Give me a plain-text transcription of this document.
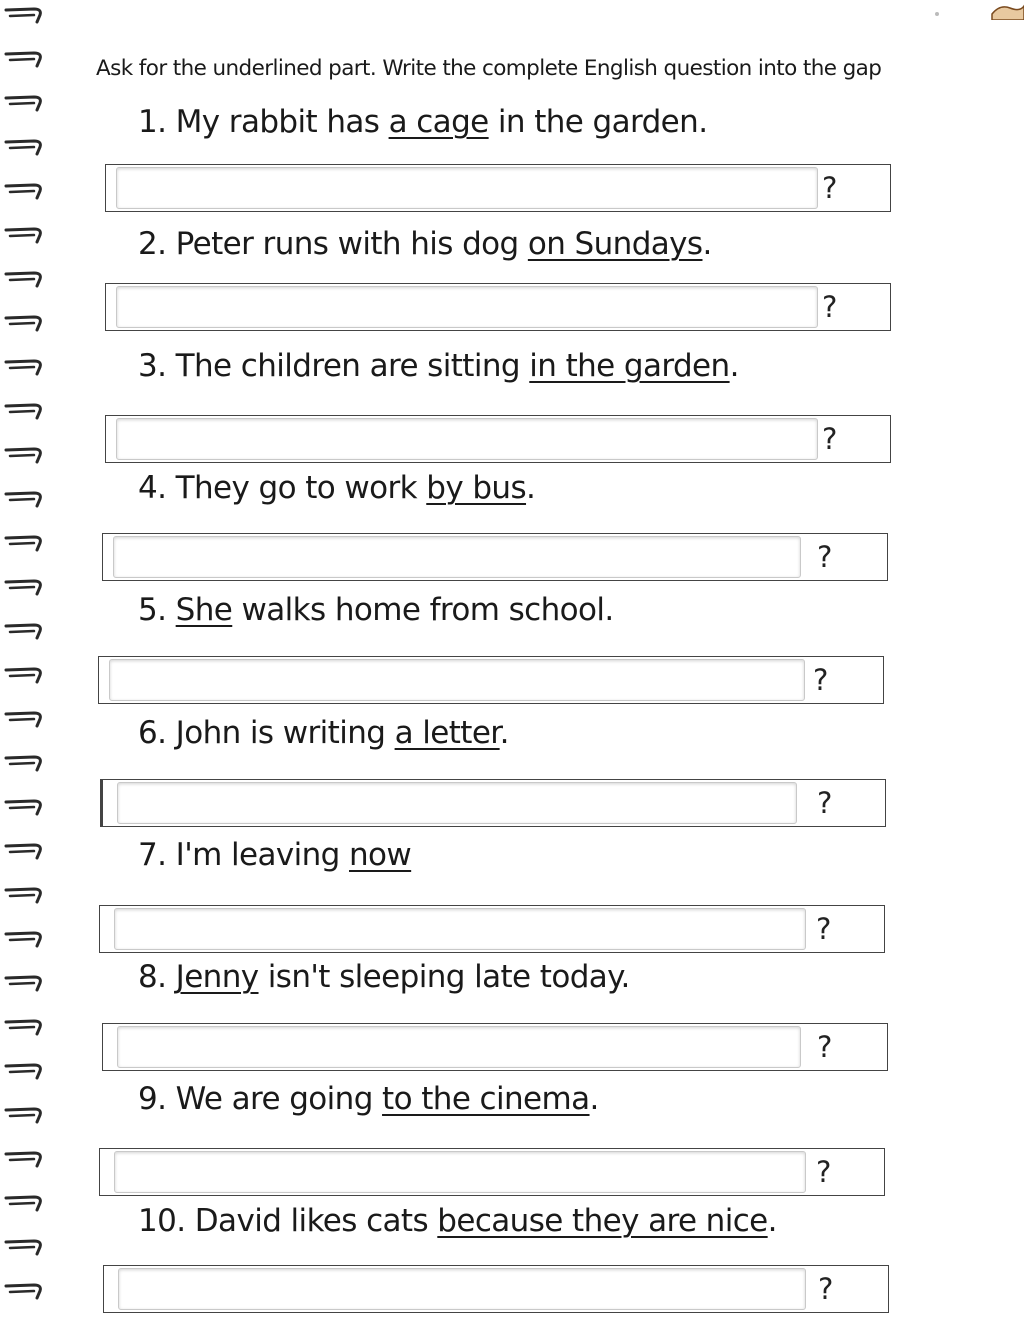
Ask for the underlined part. Write the complete English question into the gap
1. My rabbit has a cage in the garden.
?
2. Peter runs with his dog on Sundays.
?
3. The children are sitting in the garden.
?
4. They go to work by bus.
?
5. She walks home from school.
?
6. John is writing a letter.
?
7. I'm leaving now
?
8. Jenny isn't sleeping late today.
?
9. We are going to the cinema.
?
10. David likes cats because they are nice.
?
